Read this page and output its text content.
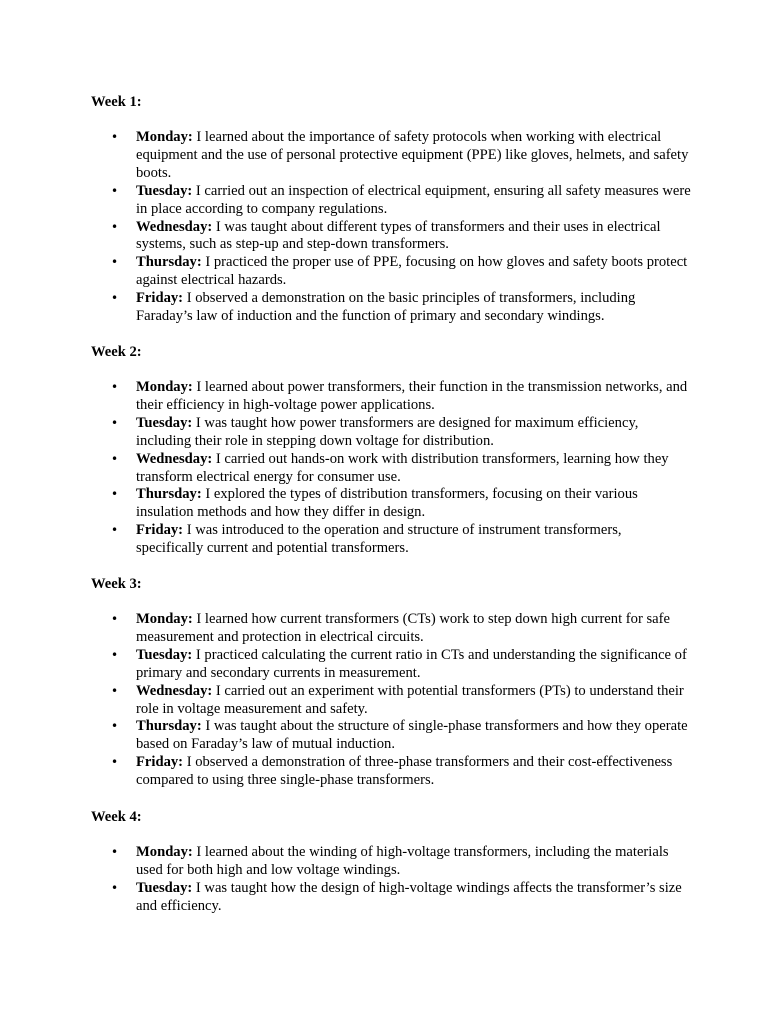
Week 1:

• Monday: I learned about the importance of safety protocols when working with electrical equipment and the use of personal protective equipment (PPE) like gloves, helmets, and safety boots.
• Tuesday: I carried out an inspection of electrical equipment, ensuring all safety measures were in place according to company regulations.
• Wednesday: I was taught about different types of transformers and their uses in electrical systems, such as step-up and step-down transformers.
• Thursday: I practiced the proper use of PPE, focusing on how gloves and safety boots protect against electrical hazards.
• Friday: I observed a demonstration on the basic principles of transformers, including Faraday’s law of induction and the function of primary and secondary windings.

Week 2:

• Monday: I learned about power transformers, their function in the transmission networks, and their efficiency in high-voltage power applications.
• Tuesday: I was taught how power transformers are designed for maximum efficiency, including their role in stepping down voltage for distribution.
• Wednesday: I carried out hands-on work with distribution transformers, learning how they transform electrical energy for consumer use.
• Thursday: I explored the types of distribution transformers, focusing on their various insulation methods and how they differ in design.
• Friday: I was introduced to the operation and structure of instrument transformers, specifically current and potential transformers.

Week 3:

• Monday: I learned how current transformers (CTs) work to step down high current for safe measurement and protection in electrical circuits.
• Tuesday: I practiced calculating the current ratio in CTs and understanding the significance of primary and secondary currents in measurement.
• Wednesday: I carried out an experiment with potential transformers (PTs) to understand their role in voltage measurement and safety.
• Thursday: I was taught about the structure of single-phase transformers and how they operate based on Faraday’s law of mutual induction.
• Friday: I observed a demonstration of three-phase transformers and their cost-effectiveness compared to using three single-phase transformers.

Week 4:

• Monday: I learned about the winding of high-voltage transformers, including the materials used for both high and low voltage windings.
• Tuesday: I was taught how the design of high-voltage windings affects the transformer’s size and efficiency.
